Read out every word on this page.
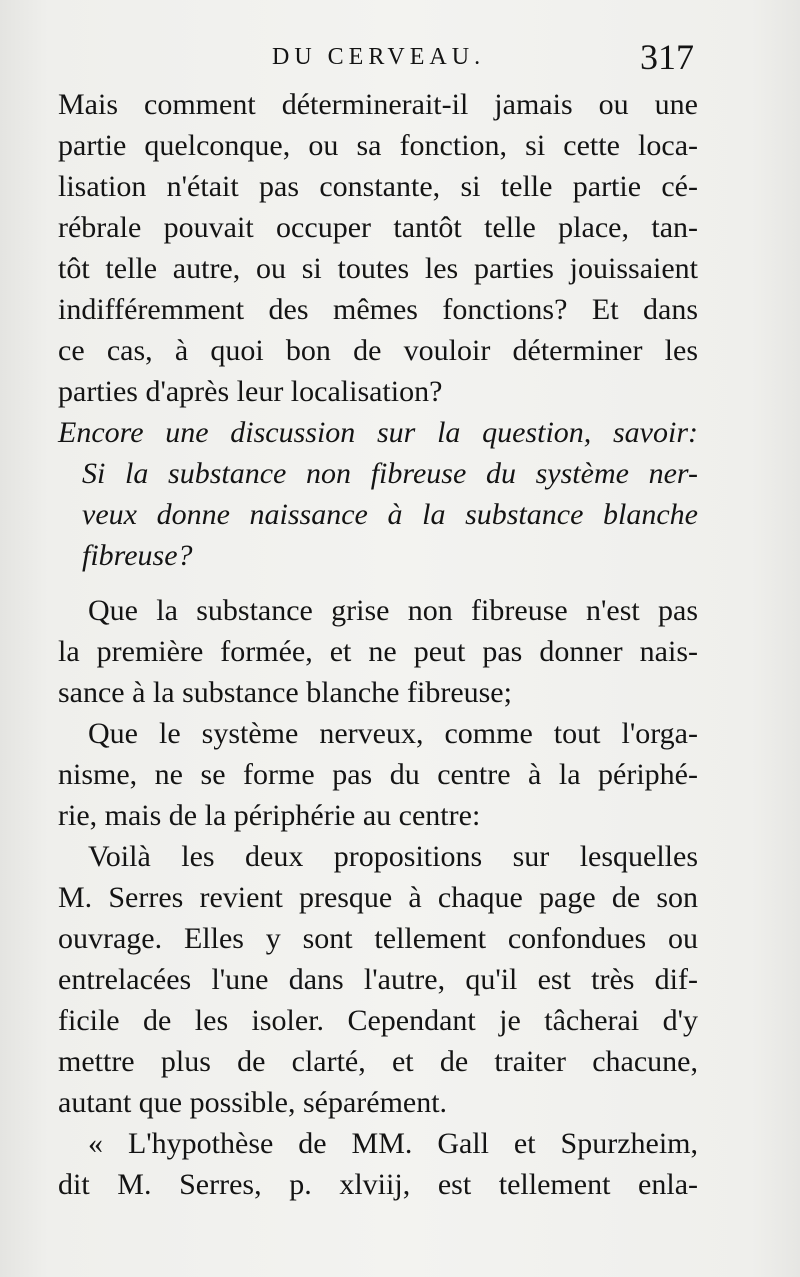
DU CERVEAU.	317
Mais comment déterminerait-il jamais ou une
partie quelconque, ou sa fonction, si cette loca-
lisation n'était pas constante, si telle partie cé-
rébrale pouvait occuper tantôt telle place, tan-
tôt telle autre, ou si toutes les parties jouissaient
indifféremment des mêmes fonctions? Et dans
ce cas, à quoi bon de vouloir déterminer les
parties d'après leur localisation?
Encore une discussion sur la question, savoir:
Si la substance non fibreuse du système ner-
veux donne naissance à la substance blanche
fibreuse?
Que la substance grise non fibreuse n'est pas
la première formée, et ne peut pas donner nais-
sance à la substance blanche fibreuse;
Que le système nerveux, comme tout l'orga-
nisme, ne se forme pas du centre à la périphé-
rie, mais de la périphérie au centre:
Voilà les deux propositions sur lesquelles
M. Serres revient presque à chaque page de son
ouvrage. Elles y sont tellement confondues ou
entrelacées l'une dans l'autre, qu'il est très dif-
ficile de les isoler. Cependant je tâcherai d'y
mettre plus de clarté, et de traiter chacune,
autant que possible, séparément.
« L'hypothèse de MM. Gall et Spurzheim,
dit M. Serres, p. xlviij, est tellement enla-
